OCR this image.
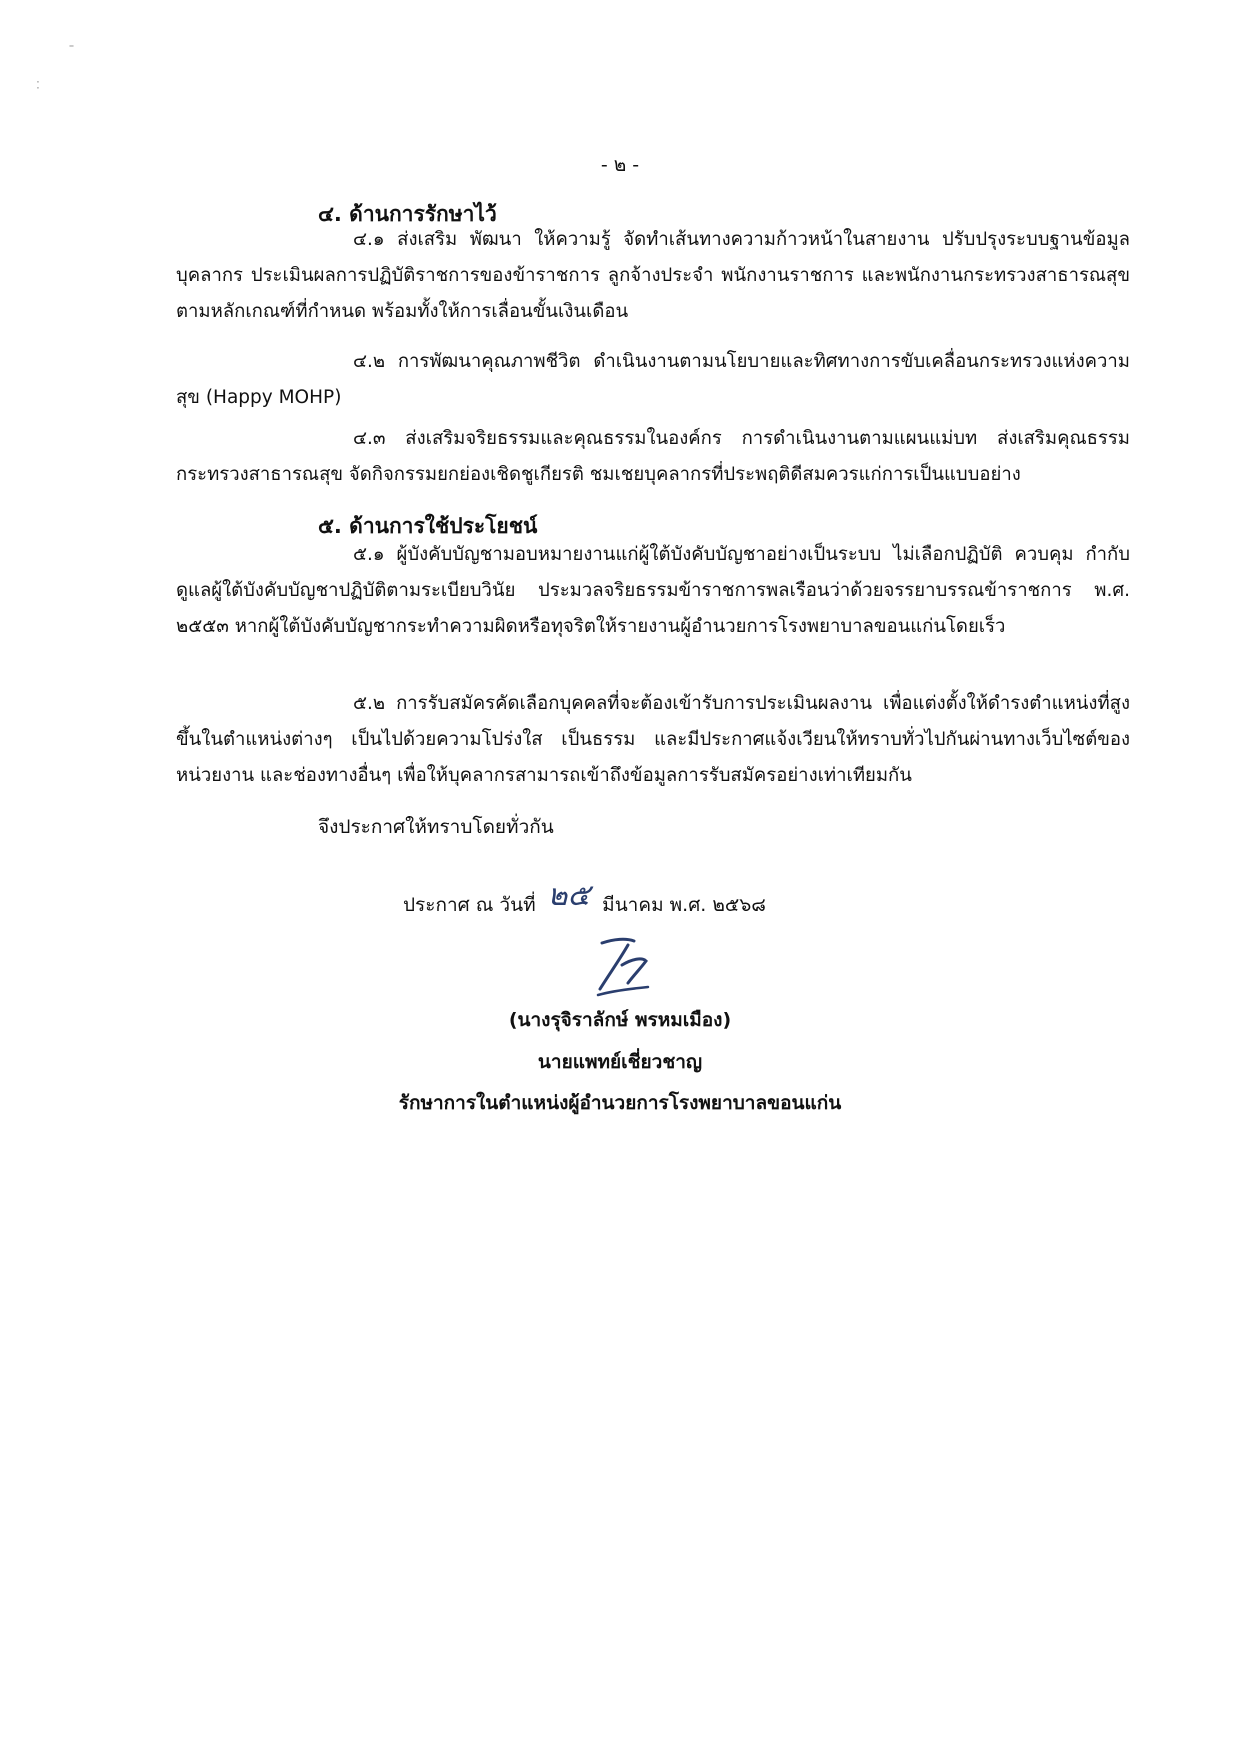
ˉ
˸
- ๒ -
๔. ด้านการรักษาไว้

๔.๑ ส่งเสริม พัฒนา ให้ความรู้ จัดทำเส้นทางความก้าวหน้าในสายงาน ปรับปรุงระบบฐานข้อมูลบุคลากร ประเมินผลการปฏิบัติราชการของข้าราชการ ลูกจ้างประจำ พนักงานราชการ และพนักงานกระทรวงสาธารณสุข ตามหลักเกณฑ์ที่กำหนด พร้อมทั้งให้การเลื่อนขั้นเงินเดือน

๔.๒ การพัฒนาคุณภาพชีวิต ดำเนินงานตามนโยบายและทิศทางการขับเคลื่อนกระทรวงแห่งความสุข (Happy MOHP)

๔.๓ ส่งเสริมจริยธรรมและคุณธรรมในองค์กร การดำเนินงานตามแผนแม่บท ส่งเสริมคุณธรรมกระทรวงสาธารณสุข จัดกิจกรรมยกย่องเชิดชูเกียรติ ชมเชยบุคลากรที่ประพฤติดีสมควรแก่การเป็นแบบอย่าง

๕. ด้านการใช้ประโยชน์

๕.๑ ผู้บังคับบัญชามอบหมายงานแก่ผู้ใต้บังคับบัญชาอย่างเป็นระบบ ไม่เลือกปฏิบัติ ควบคุม กำกับ ดูแลผู้ใต้บังคับบัญชาปฏิบัติตามระเบียบวินัย ประมวลจริยธรรมข้าราชการพลเรือนว่าด้วยจรรยาบรรณข้าราชการ พ.ศ. ๒๕๕๓ หากผู้ใต้บังคับบัญชากระทำความผิดหรือทุจริตให้รายงานผู้อำนวยการโรงพยาบาลขอนแก่นโดยเร็ว

๕.๒ การรับสมัครคัดเลือกบุคคลที่จะต้องเข้ารับการประเมินผลงาน เพื่อแต่งตั้งให้ดำรงตำแหน่งที่สูงขึ้นในตำแหน่งต่างๆ เป็นไปด้วยความโปร่งใส เป็นธรรม และมีประกาศแจ้งเวียนให้ทราบทั่วไปกันผ่านทางเว็บไซต์ของหน่วยงาน และช่องทางอื่นๆ เพื่อให้บุคลากรสามารถเข้าถึงข้อมูลการรับสมัครอย่างเท่าเทียมกัน

จึงประกาศให้ทราบโดยทั่วกัน
ประกาศ ณ วันที่ ๒๕ มีนาคม พ.ศ. ๒๕๖๘
(นางรุจิราลักษ์ พรหมเมือง)
นายแพทย์เชี่ยวชาญ
รักษาการในตำแหน่งผู้อำนวยการโรงพยาบาลขอนแก่น
